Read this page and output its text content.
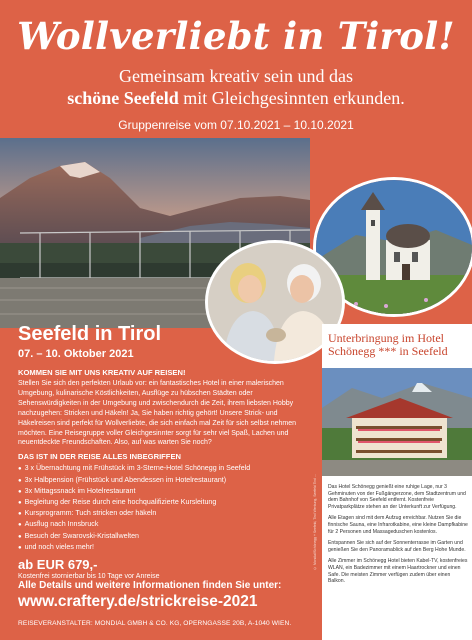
Wollverliebt in Tirol!
Gemeinsam kreativ sein und das
schöne Seefeld mit Gleichgesinnten erkunden.
Gruppenreise vom 07.10.2021 – 10.10.2021
Seefeld in Tirol
07. – 10. Oktober 2021
KOMMEN SIE MIT UNS KREATIV AUF REISEN!
Stellen Sie sich den perfekten Urlaub vor: ein fantastisches Hotel in einer malerischen Umgebung, kulinarische Köstlichkeiten, Ausflüge zu hübschen Städten oder Sehenswürdigkeiten in der Umgebung und zwischendurch die Zeit, ihrem liebsten Hobby nachzugehen: Stricken und Häkeln! Ja, Sie haben richtig gehört! Unsere Strick- und Häkelreisen sind perfekt für Wollverliebte, die sich einfach mal Zeit für sich selbst nehmen möchten. Eine Reisegruppe voller Gleichgesinnter sorgt für sehr viel Spaß, Lachen und neuentdeckte Freundschaften. Also, auf was warten Sie noch?
DAS IST IN DER REISE ALLES INBEGRIFFEN
● 3 x Übernachtung mit Frühstück im 3-Sterne-Hotel Schönegg in Seefeld
● 3x Halbpension (Frühstück und Abendessen im Hotelrestaurant)
● 3x Mittagssnack im Hotelrestaurant
● Begleitung der Reise durch eine hochqualifizierte Kursleitung
● Kursprogramm: Tuch stricken oder häkeln
● Ausflug nach Innsbruck
● Besuch der Swarovski-Kristallwelten
● und noch vieles mehr!
ab EUR 679,-
Kostenfrei stornierbar bis 10 Tage vor Anreise
Alle Details und weitere Informationen finden Sie unter:
www.craftery.de/strickreise-2021
REISEVERANSTALTER: MONDIAL GMBH & CO. KG, OPERNGASSE 20B, A-1040 WIEN.
© Mondial/Schönegg + Seefeld, Tirol Werbung, Seefeld Tirol ...
Unterbringung im Hotel
Schönegg *** in Seefeld

Das Hotel Schönegg genießt eine ruhige Lage, nur 3 Gehminuten von der Fußgängerzone, dem Stadtzentrum und dem Bahnhof von Seefeld entfernt. Kostenfreie Privatparkplätze stehen an der Unterkunft zur Verfügung.

Alle Etagen sind mit dem Aufzug erreichbar. Nutzen Sie die finnische Sauna, eine Infrarotkabine, eine kleine Dampfkabine für 2 Personen und Massageduschen kostenlos.

Entspannen Sie sich auf der Sonnenterrasse im Garten und genießen Sie den Panoramablick auf den Berg Hohe Munde.

Alle Zimmer im Schönegg Hotel bieten Kabel-TV, kostenfreies WLAN, ein Badezimmer mit einem Haartrockner und einen Safe. Die meisten Zimmer verfügen zudem über einen Balkon.
